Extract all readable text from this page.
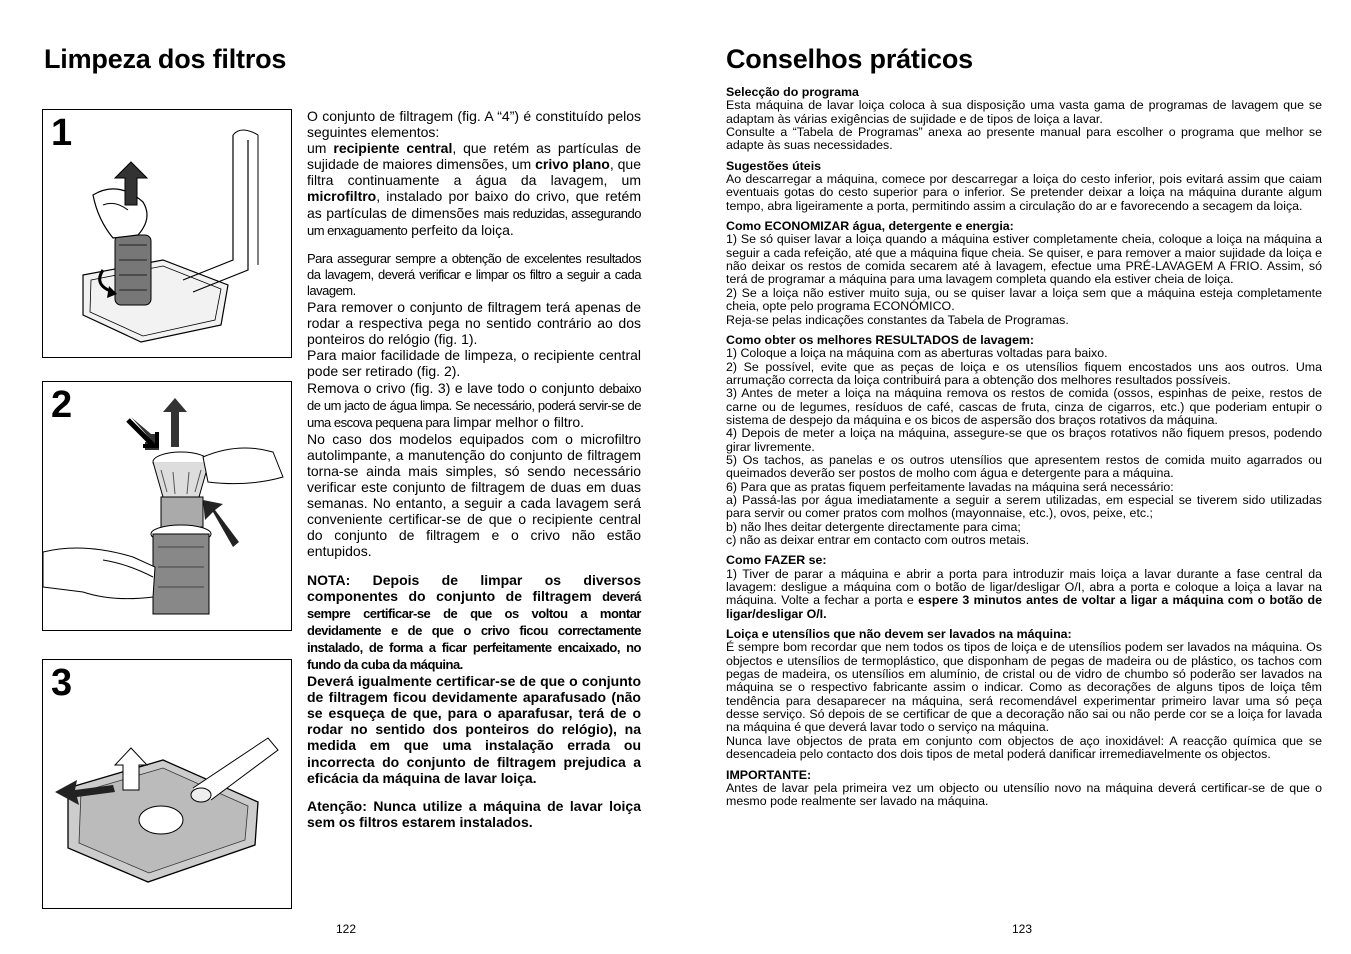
Limpeza dos filtros
1
2
3

O conjunto de filtragem (fig. A “4”) é constituído pelos seguintes elementos:

um recipiente central, que retém as partículas de sujidade de maiores dimensões, um crivo plano, que filtra continuamente a água da lavagem, um microfiltro, instalado por baixo do crivo, que retém as partículas de dimensões mais reduzidas, assegurando um enxaguamento perfeito da loiça.

Para assegurar sempre a obtenção de excelentes resultados da lavagem, deverá verificar e limpar os filtro a seguir a cada lavagem.

Para remover o conjunto de filtragem terá apenas de rodar a respectiva pega no sentido contrário ao dos ponteiros do relógio (fig. 1).

Para maior facilidade de limpeza, o recipiente central pode ser retirado (fig. 2).

Remova o crivo (fig. 3) e lave todo o conjunto debaixo de um jacto de água limpa. Se necessário, poderá servir-se de uma escova pequena para limpar melhor o filtro.

No caso dos modelos equipados com o microfiltro autolimpante, a manutenção do conjunto de filtragem torna-se ainda mais simples, só sendo necessário verificar este conjunto de filtragem de duas em duas semanas. No entanto, a seguir a cada lavagem será conveniente certificar-se de que o recipiente central do conjunto de filtragem e o crivo não estão entupidos.

NOTA: Depois de limpar os diversos componentes do conjunto de filtragem deverá sempre certificar-se de que os voltou a montar devidamente e de que o crivo ficou correctamente instalado, de forma a ficar perfeitamente encaixado, no fundo da cuba da máquina.

Deverá igualmente certificar-se de que o conjunto de filtragem ficou devidamente aparafusado (não se esqueça de que, para o aparafusar, terá de o rodar no sentido dos ponteiros do relógio), na medida em que uma instalação errada ou incorrecta do conjunto de filtragem prejudica a eficácia da máquina de lavar loiça.

Atenção: Nunca utilize a máquina de lavar loiça sem os filtros estarem instalados.

122
Conselhos práticos

Selecção do programa

Esta máquina de lavar loiça coloca à sua disposição uma vasta gama de programas de lavagem que se adaptam às várias exigências de sujidade e de tipos de loiça a lavar.

Consulte a “Tabela de Programas” anexa ao presente manual para escolher o programa que melhor se adapte às suas necessidades.

Sugestões úteis

Ao descarregar a máquina, comece por descarregar a loiça do cesto inferior, pois evitará assim que caiam eventuais gotas do cesto superior para o inferior. Se pretender deixar a loiça na máquina durante algum tempo, abra ligeiramente a porta, permitindo assim a circulação do ar e favorecendo a secagem da loiça.

Como ECONOMIZAR água, detergente e energia:

1) Se só quiser lavar a loiça quando a máquina estiver completamente cheia, coloque a loiça na máquina a seguir a cada refeição, até que a máquina fique cheia. Se quiser, e para remover a maior sujidade da loiça e não deixar os restos de comida secarem até à lavagem, efectue uma PRÉ-LAVAGEM A FRIO. Assim, só terá de programar a máquina para uma lavagem completa quando ela estiver cheia de loiça.

2) Se a loiça não estiver muito suja, ou se quiser lavar a loiça sem que a máquina esteja completamente cheia, opte pelo programa ECONÓMICO.

Reja-se pelas indicações constantes da Tabela de Programas.

Como obter os melhores RESULTADOS de lavagem:

1) Coloque a loiça na máquina com as aberturas voltadas para baixo.

2) Se possível, evite que as peças de loiça e os utensílios fiquem encostados uns aos outros. Uma arrumação correcta da loiça contribuirá para a obtenção dos melhores resultados possíveis.

3) Antes de meter a loiça na máquina remova os restos de comida (ossos, espinhas de peixe, restos de carne ou de legumes, resíduos de café, cascas de fruta, cinza de cigarros, etc.) que poderiam entupir o sistema de despejo da máquina e os bicos de aspersão dos braços rotativos da máquina.

4) Depois de meter a loiça na máquina, assegure-se que os braços rotativos não fiquem presos, podendo girar livremente.

5) Os tachos, as panelas e os outros utensílios que apresentem restos de comida muito agarrados ou queimados deverão ser postos de molho com água e detergente para a máquina.

6) Para que as pratas fiquem perfeitamente lavadas na máquina será necessário:

a) Passá-las por água imediatamente a seguir a serem utilizadas, em especial se tiverem sido utilizadas para servir ou comer pratos com molhos (mayonnaise, etc.), ovos, peixe, etc.;

b) não lhes deitar detergente directamente para cima;

c) não as deixar entrar em contacto com outros metais.

Como FAZER se:

1) Tiver de parar a máquina e abrir a porta para introduzir mais loiça a lavar durante a fase central da lavagem: desligue a máquina com o botão de ligar/desligar O/I, abra a porta e coloque a loiça a lavar na máquina. Volte a fechar a porta e espere 3 minutos antes de voltar a ligar a máquina com o botão de ligar/desligar O/I.

Loiça e utensílios que não devem ser lavados na máquina:

É sempre bom recordar que nem todos os tipos de loiça e de utensílios podem ser lavados na máquina. Os objectos e utensílios de termoplástico, que disponham de pegas de madeira ou de plástico, os tachos com pegas de madeira, os utensílios em alumínio, de cristal ou de vidro de chumbo só poderão ser lavados na máquina se o respectivo fabricante assim o indicar. Como as decorações de alguns tipos de loiça têm tendência para desaparecer na máquina, será recomendável experimentar primeiro lavar uma só peça desse serviço. Só depois de se certificar de que a decoração não sai ou não perde cor se a loiça for lavada na máquina é que deverá lavar todo o serviço na máquina.

Nunca lave objectos de prata em conjunto com objectos de aço inoxidável: A reacção química que se desencadeia pelo contacto dos dois tipos de metal poderá danificar irremediavelmente os objectos.

IMPORTANTE:

Antes de lavar pela primeira vez um objecto ou utensílio novo na máquina deverá certificar-se de que o mesmo pode realmente ser lavado na máquina.

123
